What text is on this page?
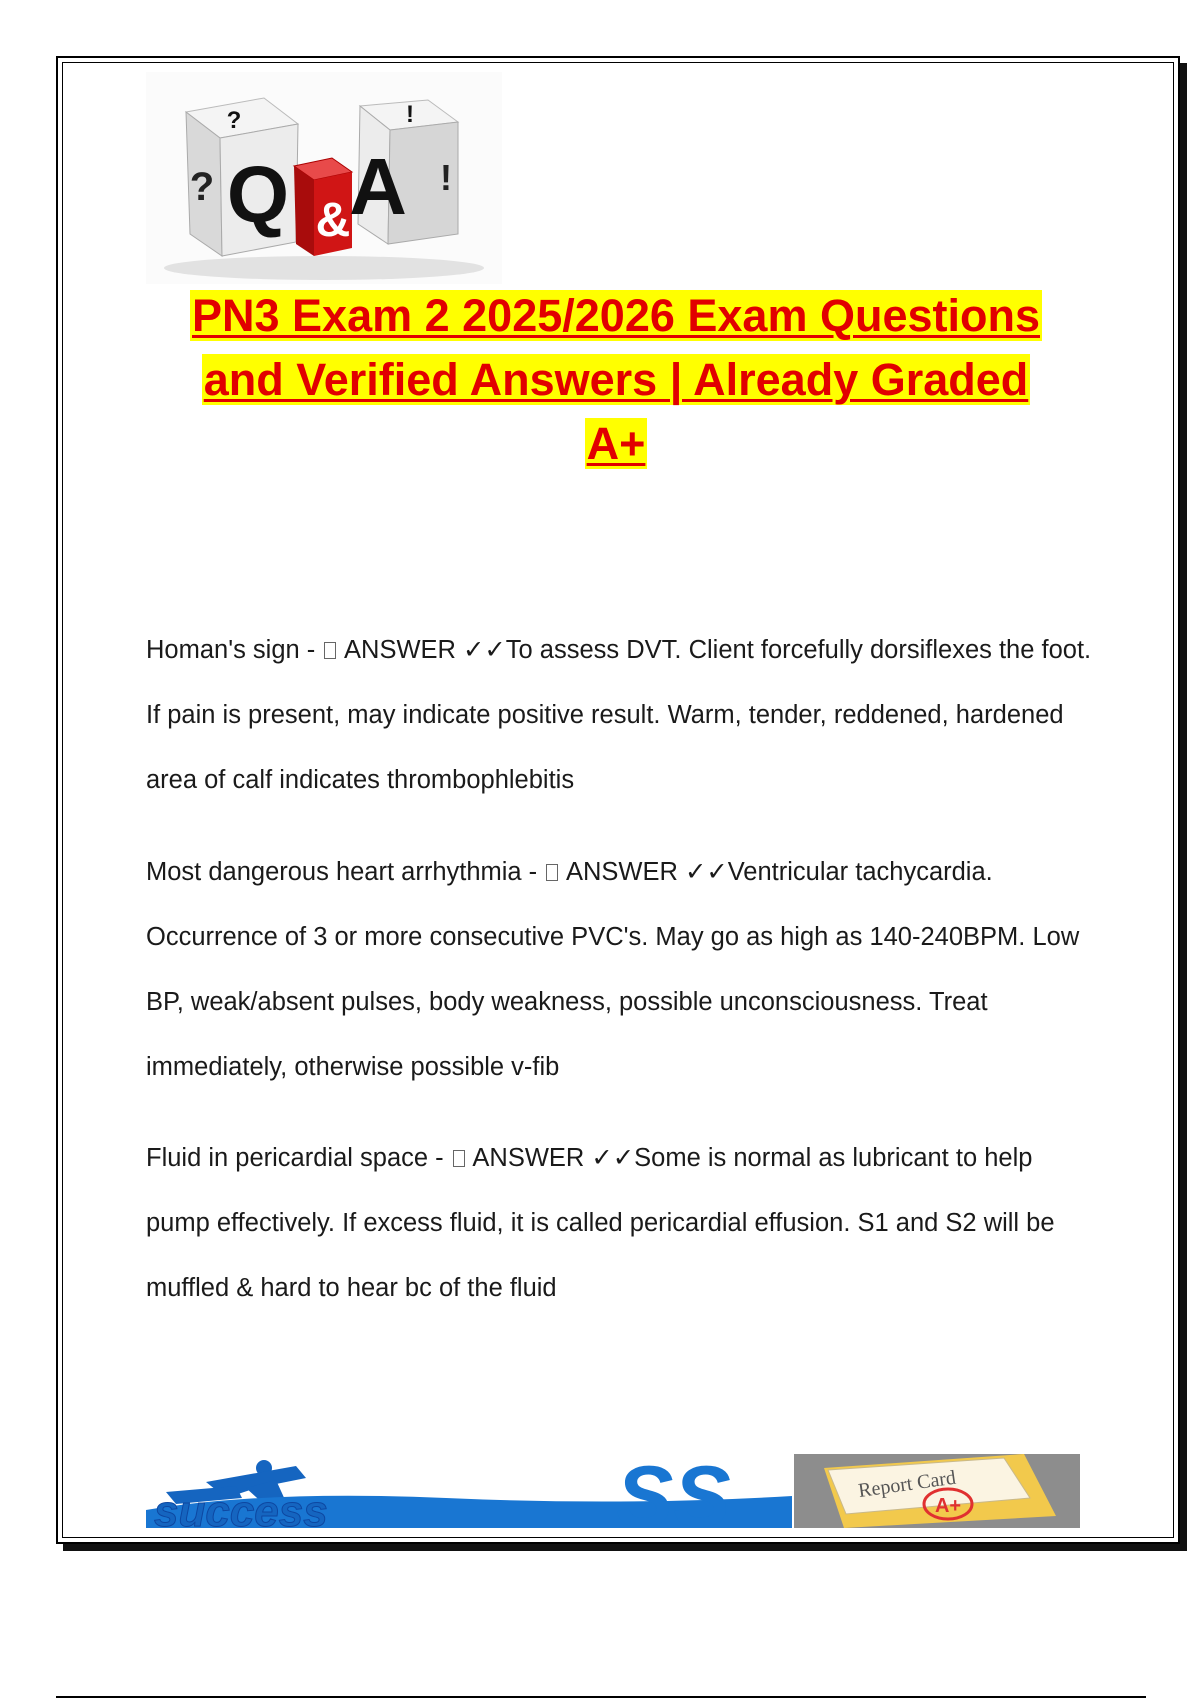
Q
?
?
&
A
!
!
PN3 Exam 2 2025/2026 Exam Questions
and Verified Answers | Already Graded
A+

Homan's sign -  ANSWER ✓✓To assess DVT. Client forcefully dorsiflexes the foot. If pain is present, may indicate positive result. Warm, tender, reddened, hardened area of calf indicates thrombophlebitis

Most dangerous heart arrhythmia -  ANSWER ✓✓Ventricular tachycardia. Occurrence of 3 or more consecutive PVC's. May go as high as 140-240BPM. Low BP, weak/absent pulses, body weakness, possible unconsciousness. Treat immediately, otherwise possible v-fib

Fluid in pericardial space -  ANSWER ✓✓Some is normal as lubricant to help pump effectively. If excess fluid, it is called pericardial effusion. S1 and S2 will be muffled & hard to hear bc of the fluid

success	SS	Report Card
A+
